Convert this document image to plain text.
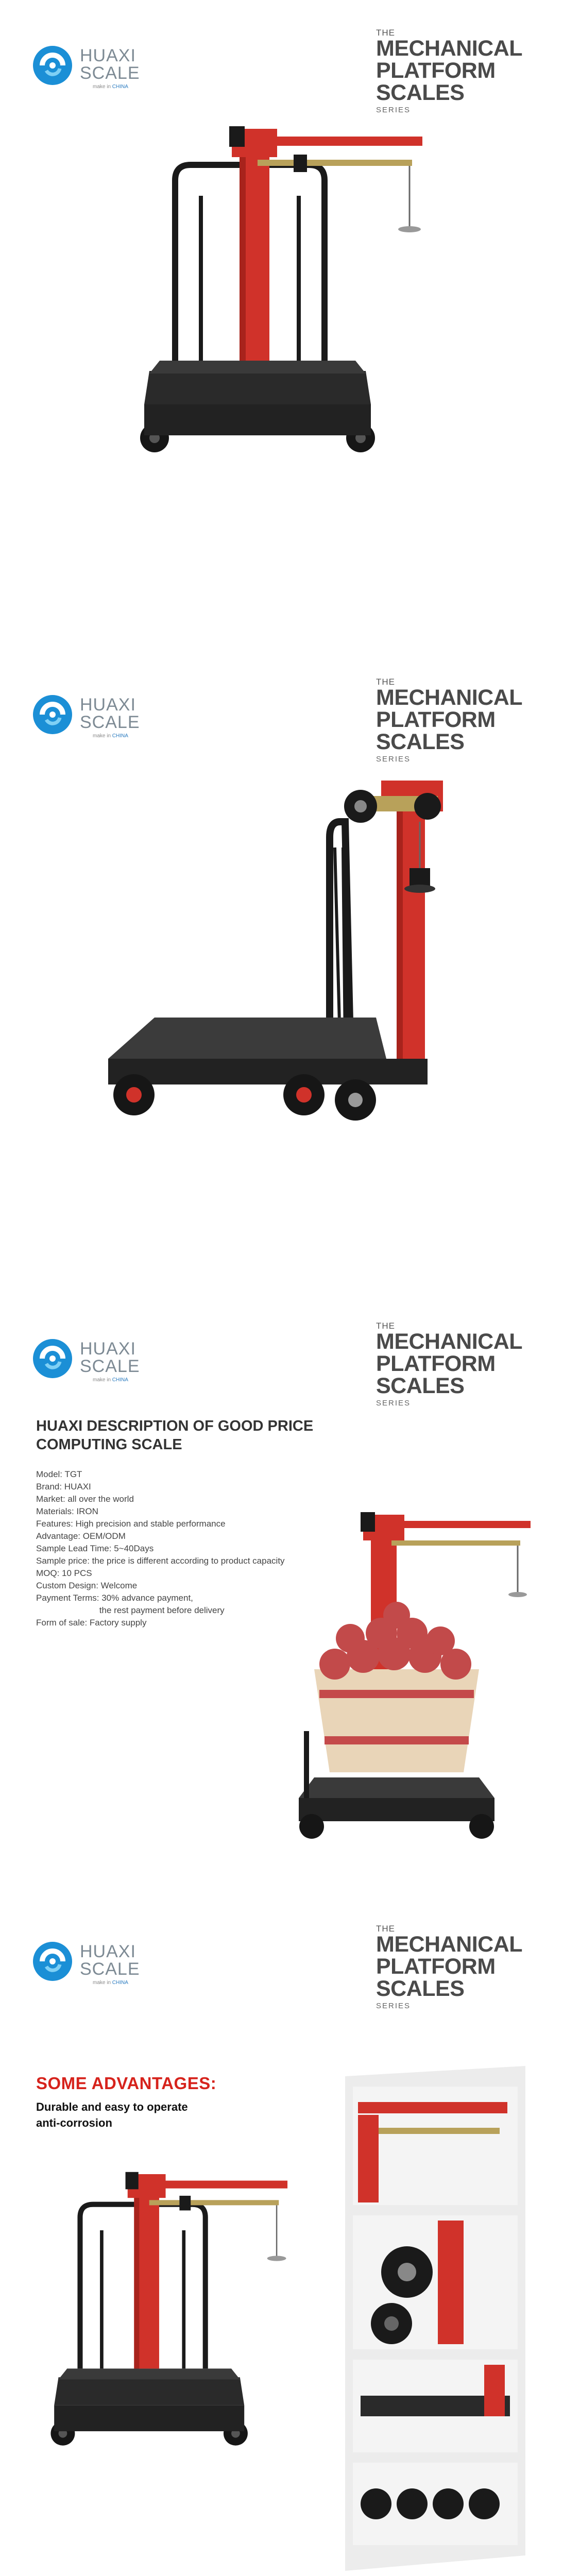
HUAXI
SCALE
make in CHINA
THE
MECHANICAL
PLATFORM
SCALES
SERIES
HUAXI
SCALE
make in CHINA
THE
MECHANICAL
PLATFORM
SCALES
SERIES
HUAXI
SCALE
make in CHINA
THE
MECHANICAL
PLATFORM
SCALES
SERIES
HUAXI DESCRIPTION OF GOOD PRICE COMPUTING SCALE
Model: TGT
Brand: HUAXI
Market: all over the world
Materials: IRON
Features: High precision and stable performance
Advantage: OEM/ODM
Sample Lead Time: 5~40Days
Sample price: the price is different according to product capacity
MOQ: 10 PCS
Custom Design: Welcome
Payment Terms: 30% advance payment,
the rest payment before delivery
Form of sale: Factory supply
HUAXI
SCALE
make in CHINA
THE
MECHANICAL
PLATFORM
SCALES
SERIES
SOME ADVANTAGES:
Durable and easy to operate
anti-corrosion
